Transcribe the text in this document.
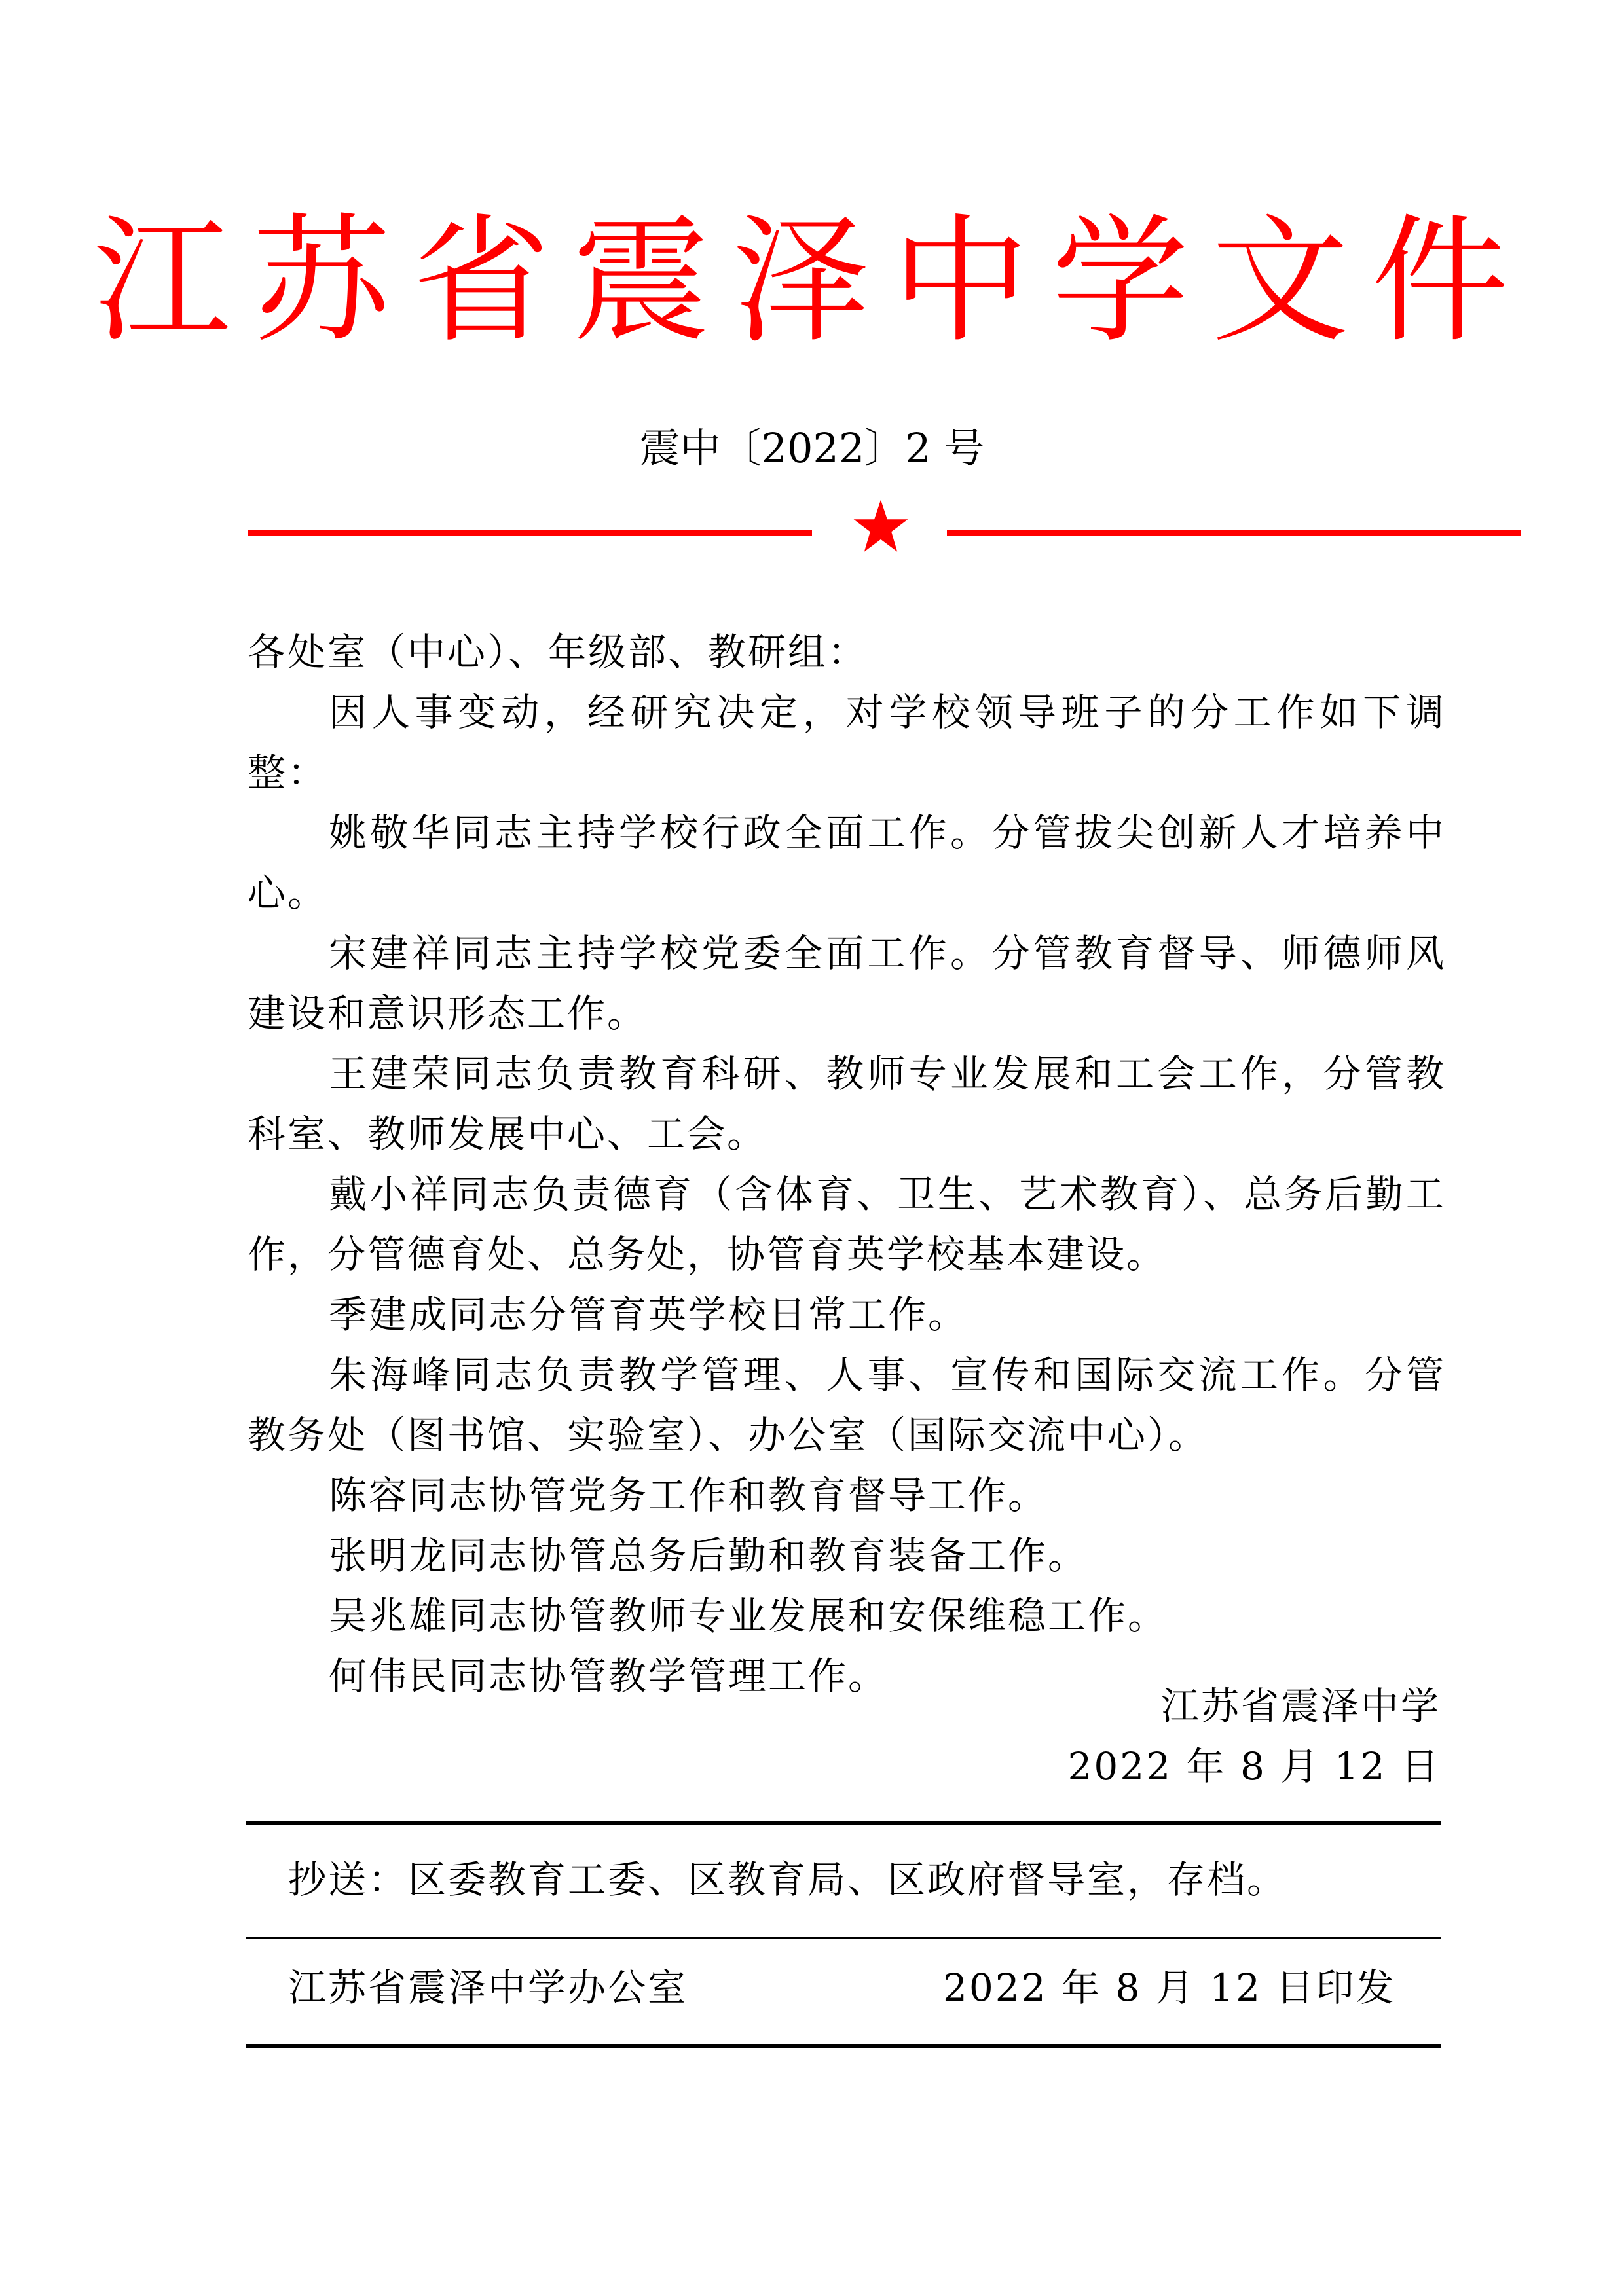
江苏省震泽中学文件
震中〔2022〕2 号

各处室（中心）、年级部、教研组：

因人事变动，经研究决定，对学校领导班子的分工作如下调整：

姚敬华同志主持学校行政全面工作。分管拔尖创新人才培养中心。

宋建祥同志主持学校党委全面工作。分管教育督导、师德师风建设和意识形态工作。

王建荣同志负责教育科研、教师专业发展和工会工作，分管教科室、教师发展中心、工会。

戴小祥同志负责德育（含体育、卫生、艺术教育）、总务后勤工作，分管德育处、总务处，协管育英学校基本建设。

季建成同志分管育英学校日常工作。

朱海峰同志负责教学管理、人事、宣传和国际交流工作。分管教务处（图书馆、实验室）、办公室（国际交流中心）。

陈容同志协管党务工作和教育督导工作。

张明龙同志协管总务后勤和教育装备工作。

吴兆雄同志协管教师专业发展和安保维稳工作。

何伟民同志协管教学管理工作。

江苏省震泽中学
2022 年 8 月 12 日
抄送：区委教育工委、区教育局、区政府督导室，存档。
江苏省震泽中学办公室	2022 年 8 月 12 日印发
